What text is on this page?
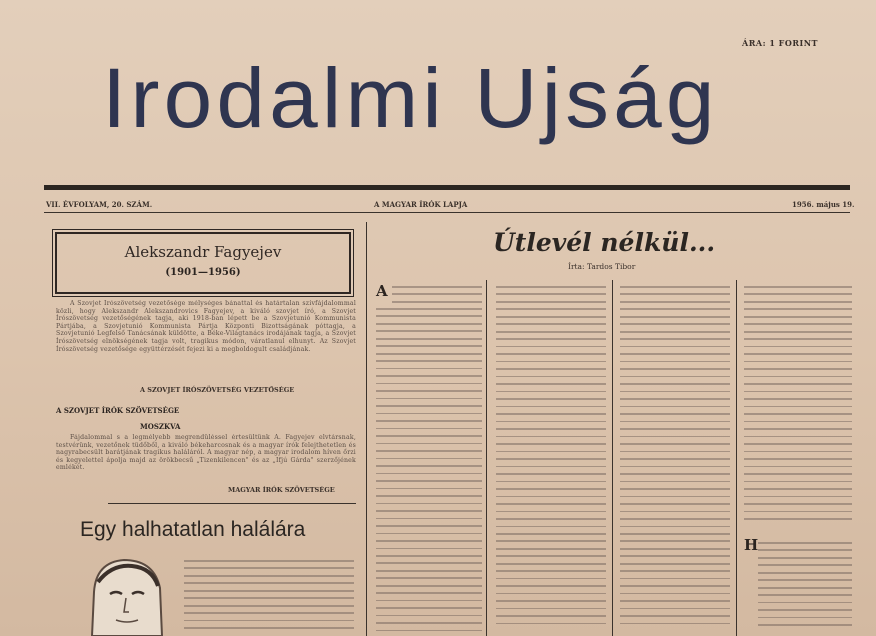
ÁRA: 1 FORINT
Irodalmi Ujság
VII. ÉVFOLYAM, 20. SZÁM.	A MAGYAR ÍRÓK LAPJA	1956. május 19.
Alekszandr Fagyejev
(1901—1956)
A Szovjet Írószövetség vezetősége mélységes bánattal és határtalan szívfájdalommal közli, hogy Alekszandr Alekszandrovics Fagyejev, a kiváló szovjet író, a Szovjet Írószövetség vezetőségének tagja, aki 1918-ban lépett be a Szovjetunió Kommunista Pártjába, a Szovjetunió Kommunista Pártja Központi Bizottságának póttagja, a Szovjetunió Legfelső Tanácsának küldötte, a Béke-Világtanács irodájának tagja, a Szovjet Írószövetség elnökségének tagja volt, tragikus módon, váratlanul elhunyt. Az Szovjet Írószövetség vezetősége együttérzését fejezi ki a megboldogult családjának.
A SZOVJET ÍRÓSZÖVETSÉG VEZETŐSÉGE
A SZOVJET ÍRÓK SZÖVETSÉGE
MOSZKVA
Fájdalommal s a legmélyebb megrendüléssel értesültünk A. Fagyejev elvtársnak, testvérünk, vezetőnek tüdőből, a kiváló békeharcosnak és a magyar írók felejthetetlen és nagyrabecsült barátjának tragikus haláláról. A magyar nép, a magyar irodalom híven őrzi és kegyelettel ápolja majd az örökbecsű „Tizenkilencen" és az „Ifjú Gárda" szerzőjének emlékét.
MAGYAR ÍRÓK SZÖVETSÉGE
Egy halhatatlan halálára
Útlevél nélkül...
Írta: Tardos Tibor
A
H
